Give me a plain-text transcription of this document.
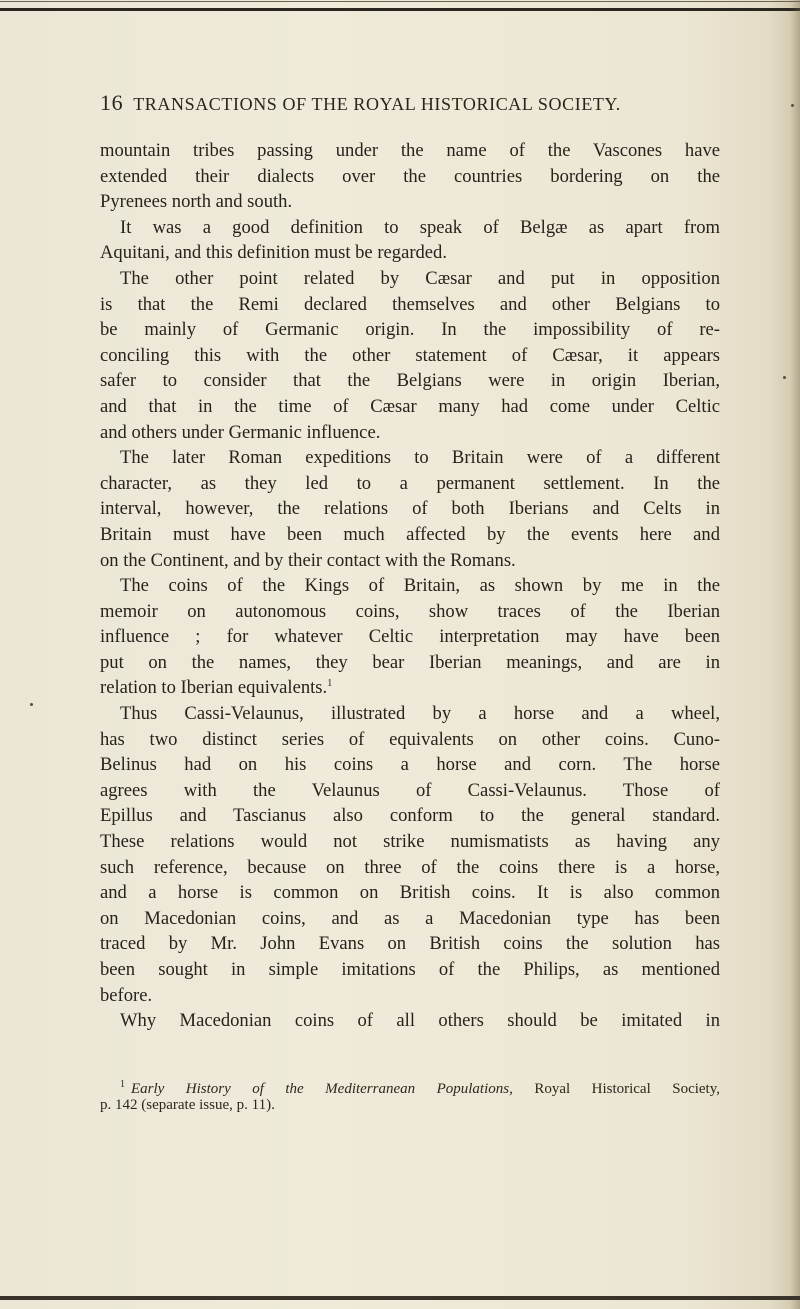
16 TRANSACTIONS OF THE ROYAL HISTORICAL SOCIETY.
mountain tribes passing under the name of the Vascones have
extended their dialects over the countries bordering on the
Pyrenees north and south.
It was a good definition to speak of Belgæ as apart from
Aquitani, and this definition must be regarded.
The other point related by Cæsar and put in opposition
is that the Remi declared themselves and other Belgians to
be mainly of Germanic origin. In the impossibility of re-
conciling this with the other statement of Cæsar, it appears
safer to consider that the Belgians were in origin Iberian,
and that in the time of Cæsar many had come under Celtic
and others under Germanic influence.
The later Roman expeditions to Britain were of a different
character, as they led to a permanent settlement. In the
interval, however, the relations of both Iberians and Celts in
Britain must have been much affected by the events here and
on the Continent, and by their contact with the Romans.
The coins of the Kings of Britain, as shown by me in the
memoir on autonomous coins, show traces of the Iberian
influence ; for whatever Celtic interpretation may have been
put on the names, they bear Iberian meanings, and are in
relation to Iberian equivalents.$^1$
Thus Cassi-Velaunus, illustrated by a horse and a wheel,
has two distinct series of equivalents on other coins. Cuno-
Belinus had on his coins a horse and corn. The horse
agrees with the Velaunus of Cassi-Velaunus. Those of
Epillus and Tascianus also conform to the general standard.
These relations would not strike numismatists as having any
such reference, because on three of the coins there is a horse,
and a horse is common on British coins. It is also common
on Macedonian coins, and as a Macedonian type has been
traced by Mr. John Evans on British coins the solution has
been sought in simple imitations of the Philips, as mentioned
before.
Why Macedonian coins of all others should be imitated in
$^1$ Early History of the Mediterranean Populations, Royal Historical Society,
p. 142 (separate issue, p. 11).
